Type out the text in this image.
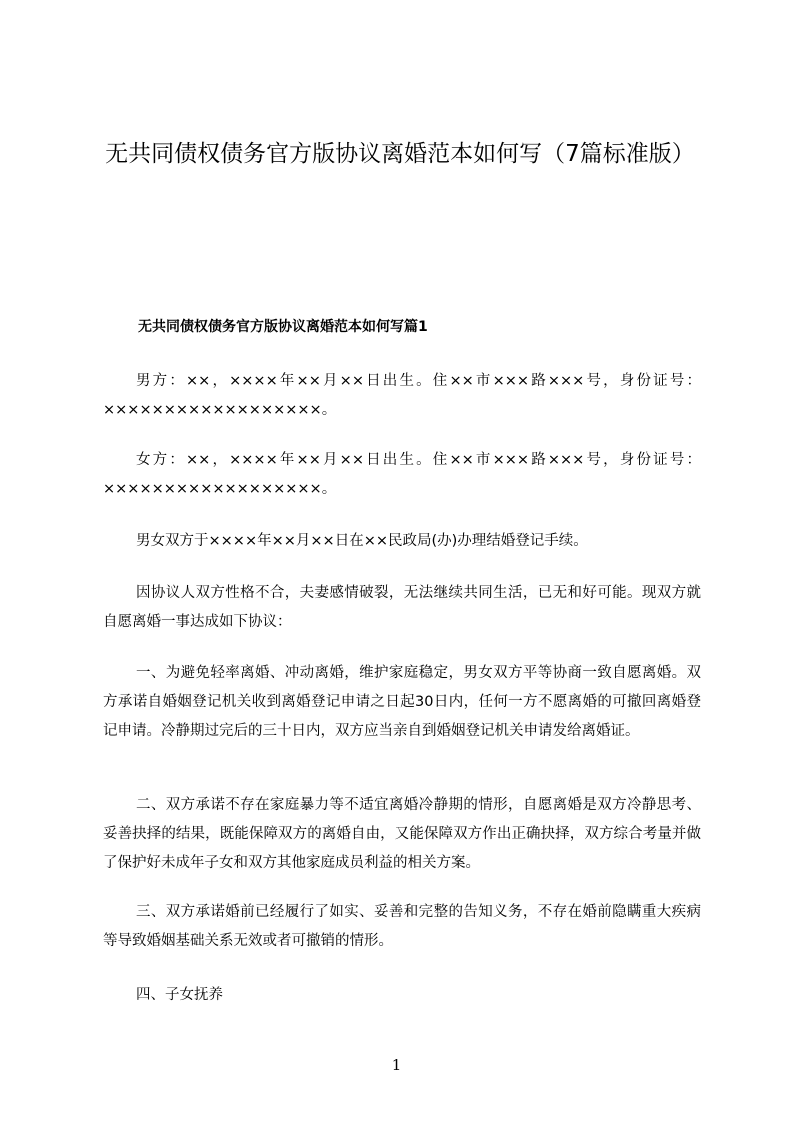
无共同债权债务官方版协议离婚范本如何写（7篇标准版）
无共同债权债务官方版协议离婚范本如何写篇1

男方：××，××××年××月××日出生。住××市×××路×××号，身份证号：××××××××××××××××××。

女方：××，××××年××月××日出生。住××市×××路×××号，身份证号：××××××××××××××××××。

男女双方于××××年××月××日在××民政局(办)办理结婚登记手续。

因协议人双方性格不合，夫妻感情破裂，无法继续共同生活，已无和好可能。现双方就自愿离婚一事达成如下协议：

一、为避免轻率离婚、冲动离婚，维护家庭稳定，男女双方平等协商一致自愿离婚。双方承诺自婚姻登记机关收到离婚登记申请之日起30日内，任何一方不愿离婚的可撤回离婚登记申请。冷静期过完后的三十日内，双方应当亲自到婚姻登记机关申请发给离婚证。

二、双方承诺不存在家庭暴力等不适宜离婚冷静期的情形，自愿离婚是双方冷静思考、妥善抉择的结果，既能保障双方的离婚自由，又能保障双方作出正确抉择，双方综合考量并做了保护好未成年子女和双方其他家庭成员利益的相关方案。

三、双方承诺婚前已经履行了如实、妥善和完整的告知义务，不存在婚前隐瞒重大疾病等导致婚姻基础关系无效或者可撤销的情形。

四、子女抚养

1
